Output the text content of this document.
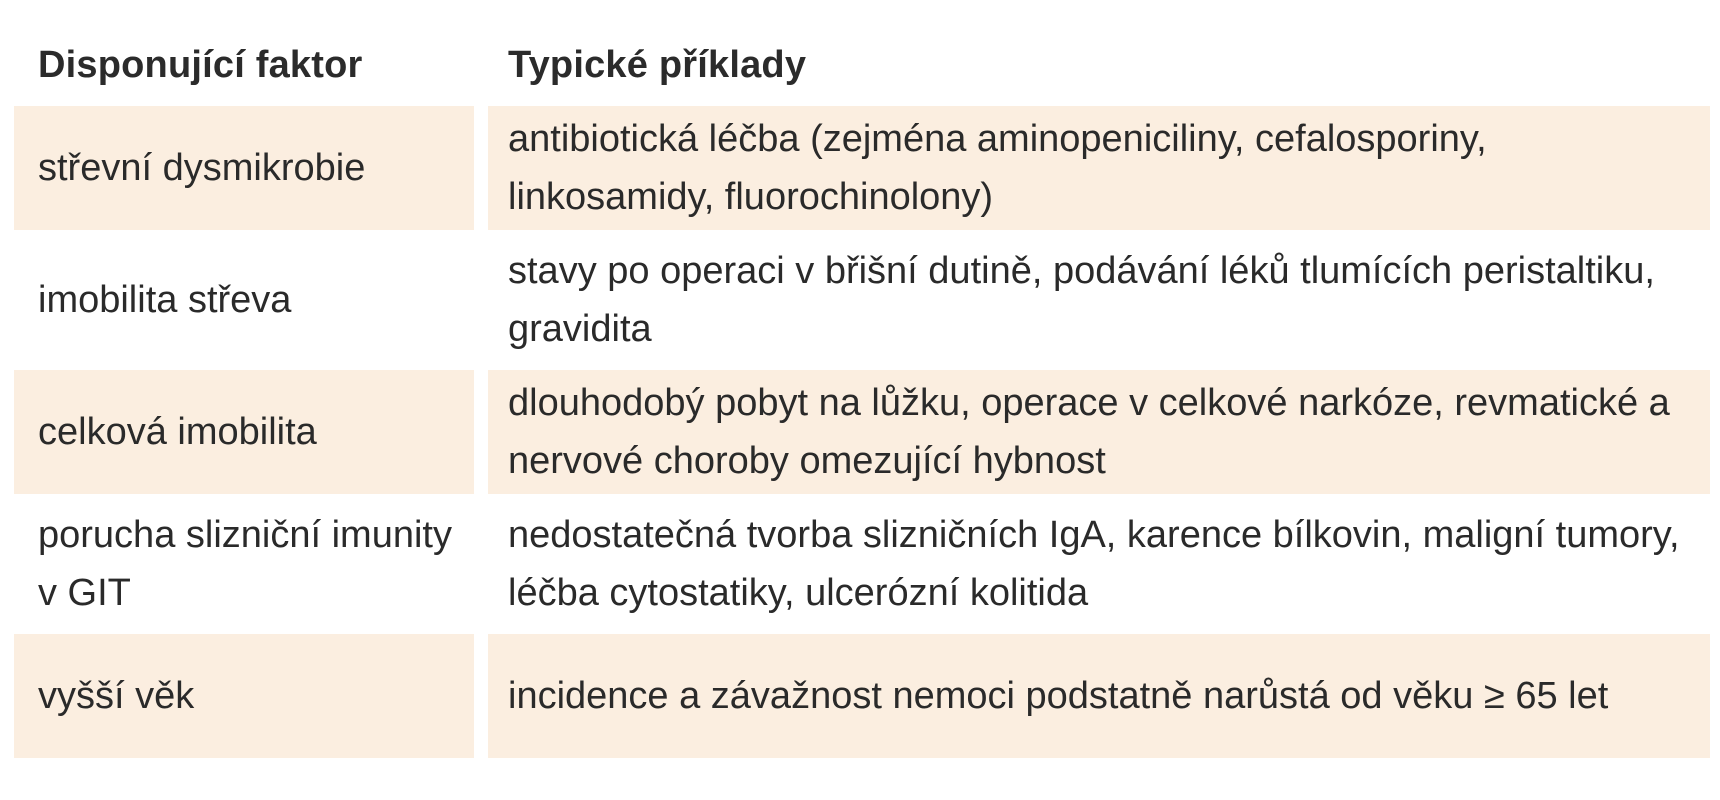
Disponující faktor	Typické příklady
střevní dysmikrobie
antibiotická léčba (zejména aminopeniciliny, cefalosporiny, linkosamidy, fluorochinolony)
imobilita střeva
stavy po operaci v břišní dutině, podávání léků tlumících peristaltiku, gravidita
celková imobilita
dlouhodobý pobyt na lůžku, operace v celkové narkóze, revmatické a nervové choroby omezující hybnost
porucha slizniční imunity v GIT
nedostatečná tvorba slizničních IgA, karence bílkovin, maligní tumory, léčba cytostatiky, ulcerózní kolitida
vyšší věk	incidence a závažnost nemoci podstatně narůstá od věku ≥ 65 let
